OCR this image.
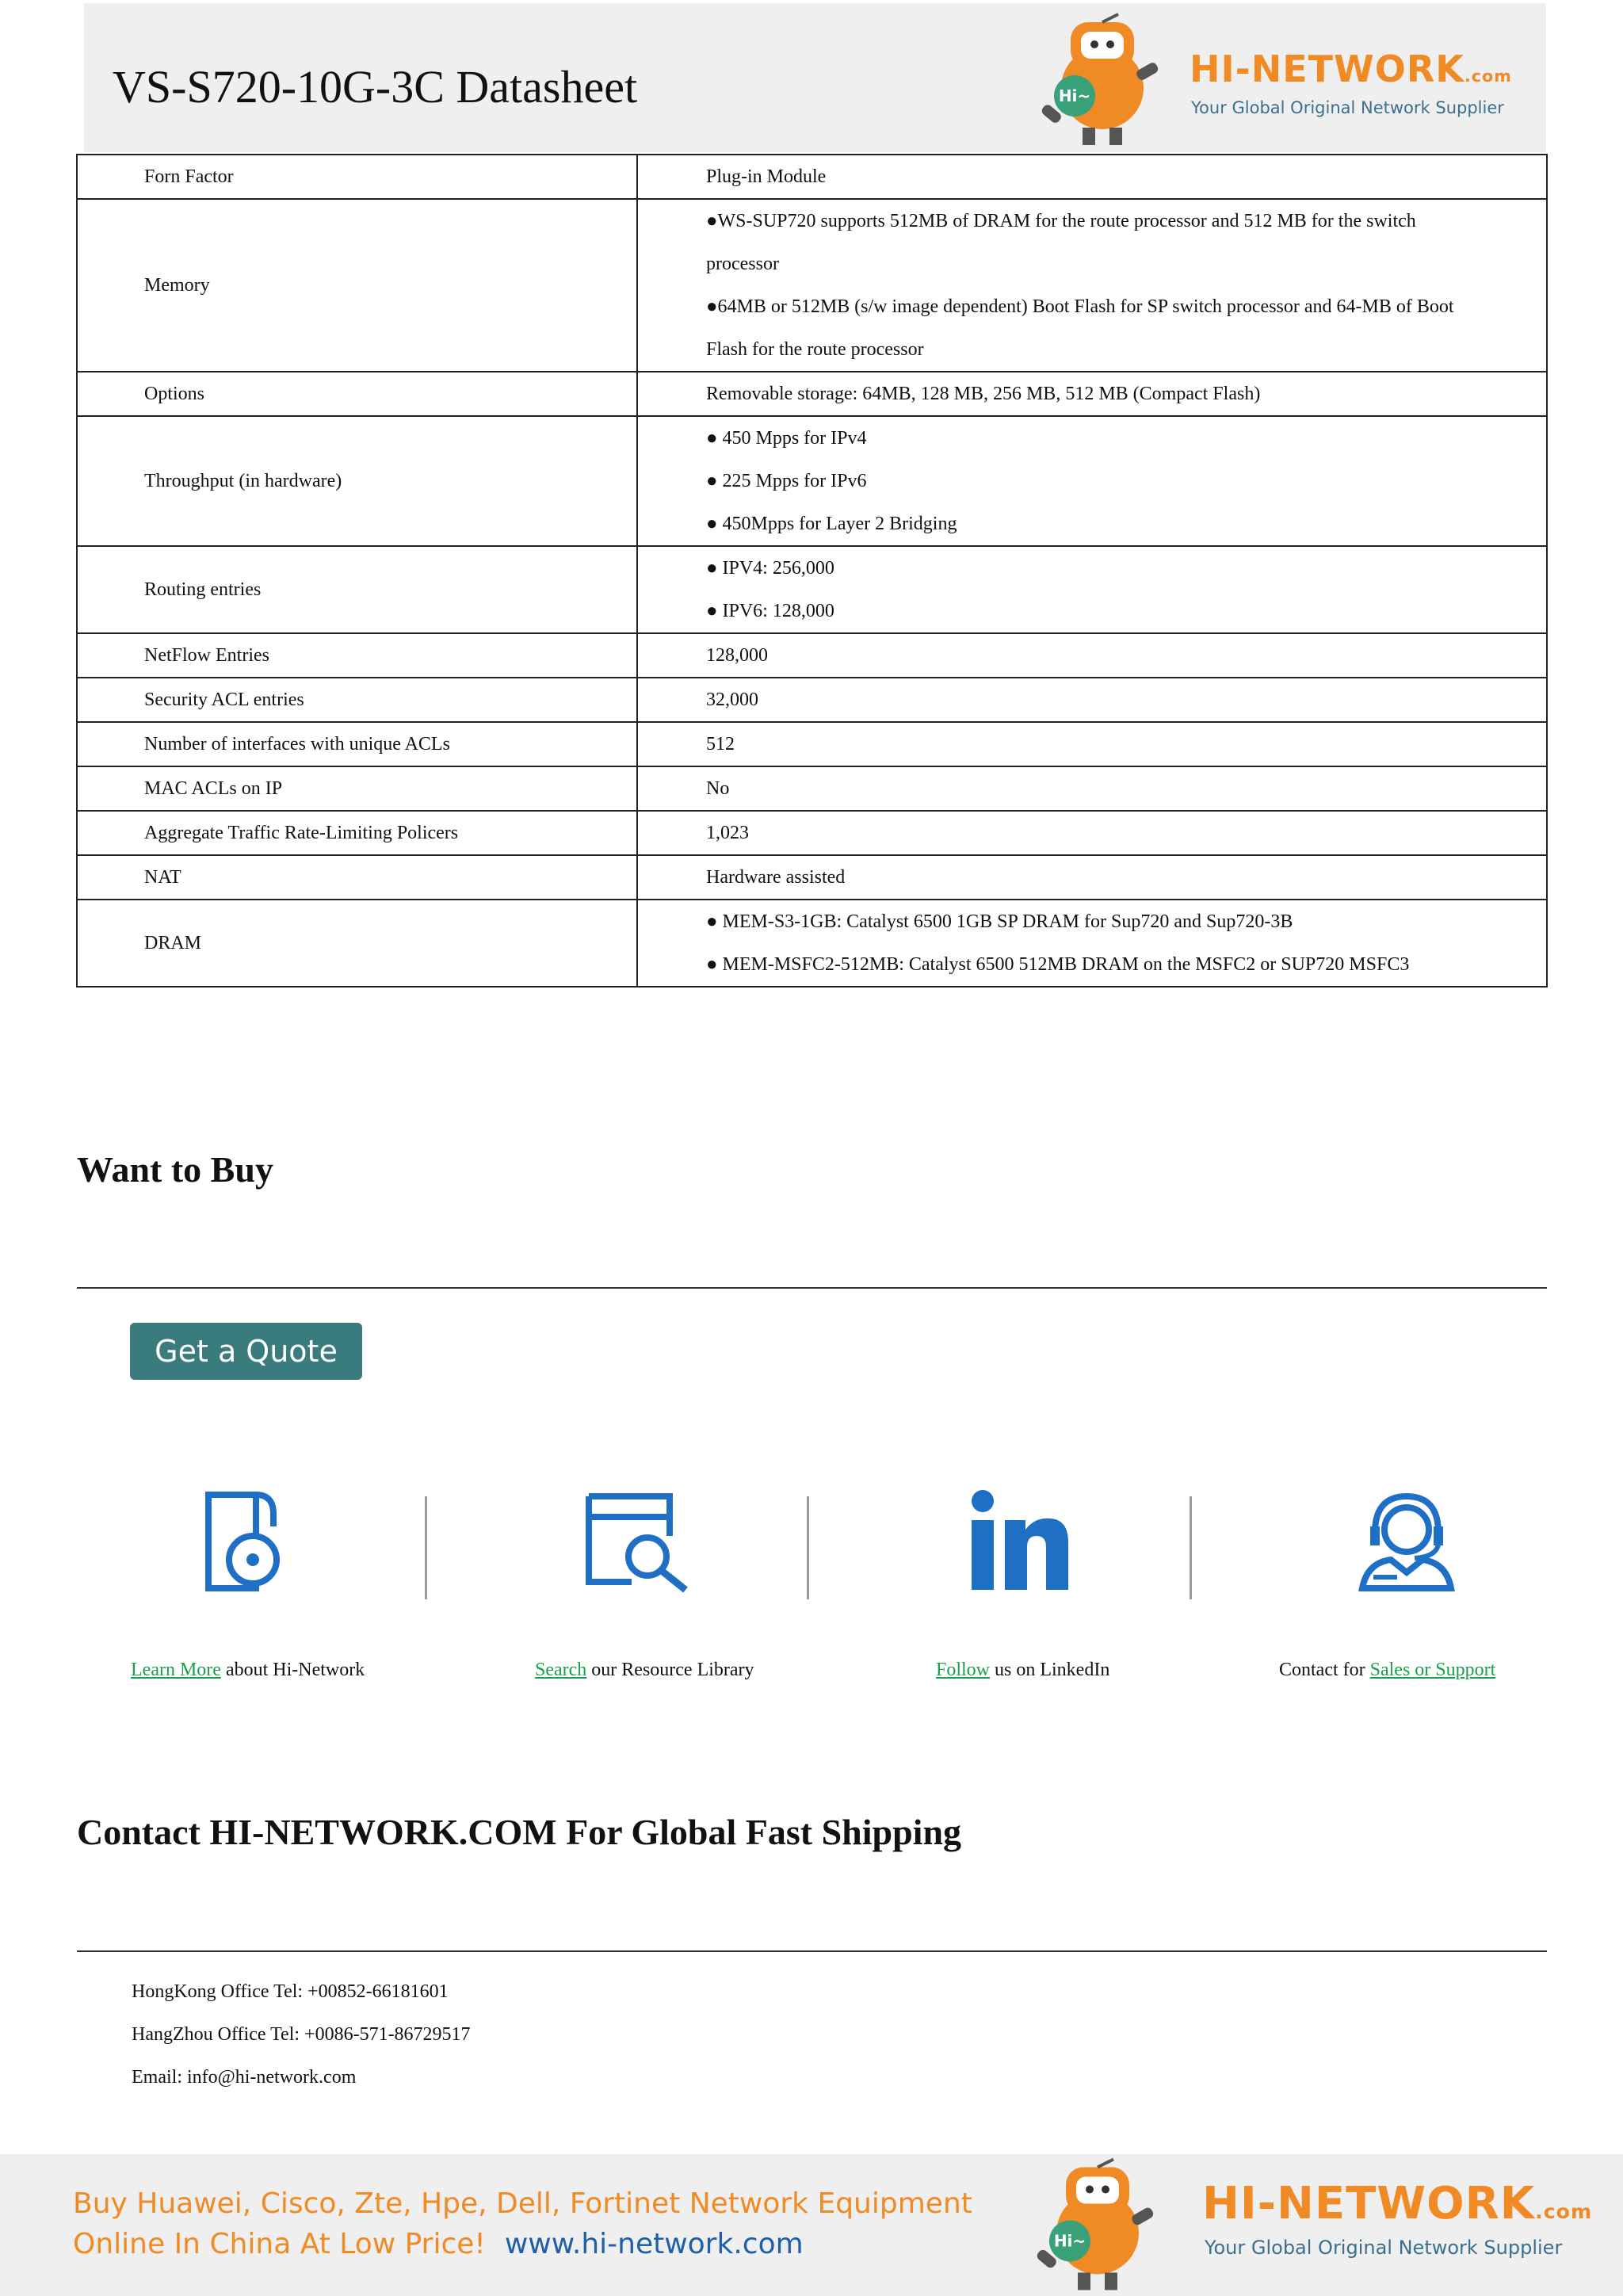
VS-S720-10G-3C Datasheet	Hi~
HI-NETWORK.com
Your Global Original Network Supplier
Forn Factor	Plug-in Module

Memory	●WS-SUP720 supports 512MB of DRAM for the route processor and 512 MB for the switch
processor
●64MB or 512MB (s/w image dependent) Boot Flash for SP switch processor and 64-MB of Boot
Flash for the route processor

Options	Removable storage: 64MB, 128 MB, 256 MB, 512 MB (Compact Flash)

Throughput (in hardware)	● 450 Mpps for IPv4
● 225 Mpps for IPv6
● 450Mpps for Layer 2 Bridging

Routing entries	● IPV4: 256,000
● IPV6: 128,000

NetFlow Entries	128,000

Security ACL entries	32,000

Number of interfaces with unique ACLs	512

MAC ACLs on IP	No

Aggregate Traffic Rate-Limiting Policers	1,023

NAT	Hardware assisted

DRAM	● MEM-S3-1GB: Catalyst 6500 1GB SP DRAM for Sup720 and Sup720-3B
● MEM-MSFC2-512MB: Catalyst 6500 512MB DRAM on the MSFC2 or SUP720 MSFC3
Want to Buy
Get a Quote
Learn More about Hi-Network	Search our Resource Library	Follow us on LinkedIn	Contact for Sales or Support
Contact HI-NETWORK.COM For Global Fast Shipping
HongKong Office Tel: +00852-66181601
HangZhou Office Tel: +0086-571-86729517
Email: info@hi-network.com
Buy Huawei, Cisco, Zte, Hpe, Dell, Fortinet Network Equipment
Online In China At Low Price! www.hi-network.com	Hi~
HI-NETWORK.com
Your Global Original Network Supplier
